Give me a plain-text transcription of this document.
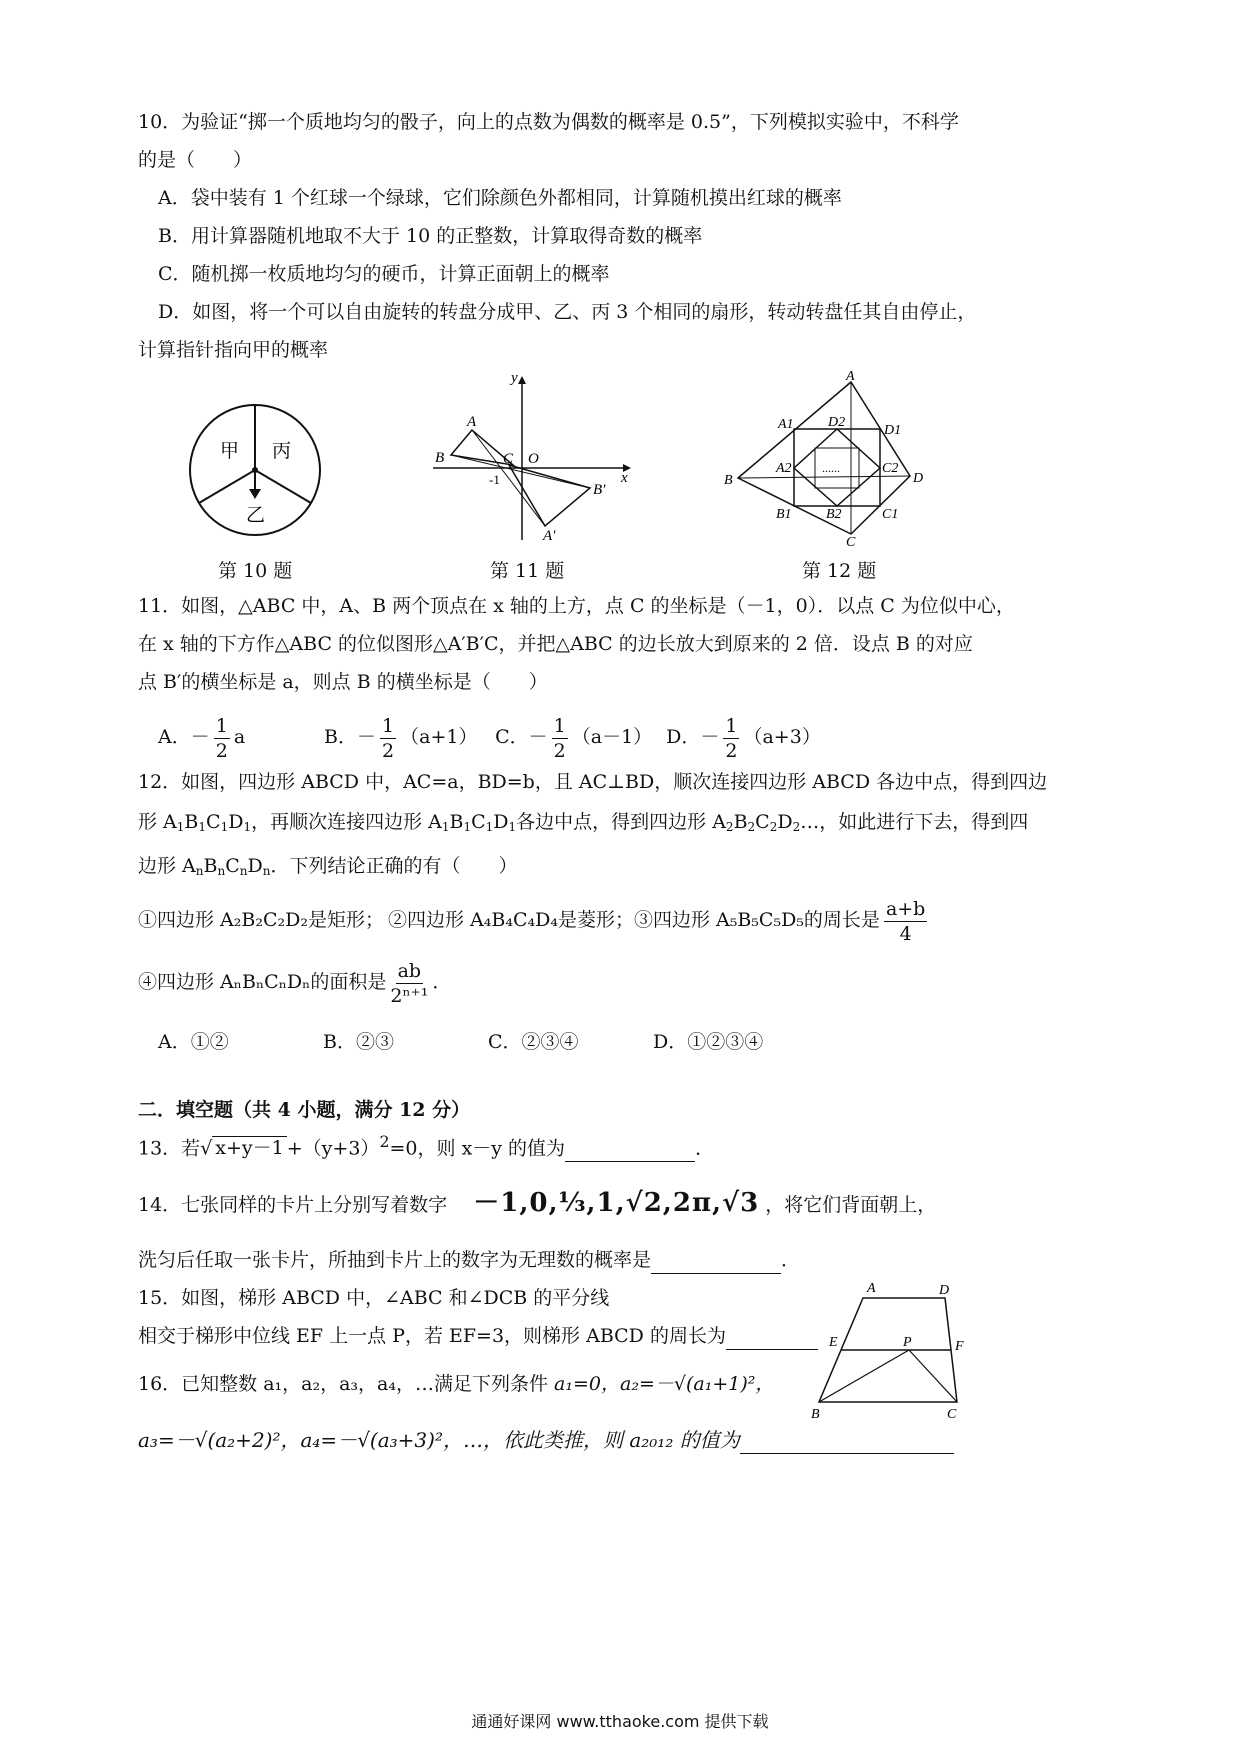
10．为验证“掷一个质地均匀的骰子，向上的点数为偶数的概率是 0.5”，下列模拟实验中，不科学
的是（　　）
A．袋中装有 1 个红球一个绿球，它们除颜色外都相同，计算随机摸出红球的概率
B．用计算器随机地取不大于 10 的正整数，计算取得奇数的概率
C．随机掷一枚质地均匀的硬币，计算正面朝上的概率
D．如图，将一个可以自由旋转的转盘分成甲、乙、丙 3 个相同的扇形，转动转盘任其自由停止，
计算指针指向甲的概率
甲 丙
乙
第 10 题
y
x
A
B	C O
-1
B′
A′
第 11 题
......
A
A1 D2
D1
B
A2	C2
D
B1 B2	C1
C
第 12 题
11．如图，△ABC 中，A、B 两个顶点在 x 轴的上方，点 C 的坐标是（－1，0）．以点 C 为位似中心，
在 x 轴的下方作△ABC 的位似图形△A′B′C，并把△ABC 的边长放大到原来的 2 倍．设点 B 的对应
点 B′的横坐标是 a，则点 B 的横坐标是（　　）
A．－ $\frac{1}{2}$ a	B．－ $\frac{1}{2} (a+1)$ C．－ $\frac{1}{2} (a-1)$ D．－ $\frac{1}{2} (a+3)$
12．如图，四边形 ABCD 中，AC=a，BD=b，且 AC⊥BD，顺次连接四边形 ABCD 各边中点，得到四边
形 $A_1B_1C_1D_1$，再顺次连接四边形 $A_1B_1C_1D_1$各边中点，得到四边形 $A_2B_2C_2D_2\dots$，如此进行下去，得到四
边形 $A_nB_nC_nD_n$．下列结论正确的有（　　）
①四边形 A₂B₂C₂D₂是矩形； ②四边形 A₄B₄C₄D₄是菱形；③四边形 A₅B₅C₅D₅的周长是 $\frac{a+b}{4}$
④四边形 AₙBₙCₙDₙ的面积是 $\frac{ab}{\text{2ⁿ⁺¹}}$ ．
A．①②	B．②③	C．②③④	D．①②③④
二．填空题（共 4 小题，满分 12 分）
13．若√ $x+y-1 +(y+3)^2=0$，则 x－y 的值为	．
14．七张同样的卡片上分别写着数字 －1,0,⅓,1,√2,2π,√3 ，将它们背面朝上，
洗匀后任取一张卡片，所抽到卡片上的数字为无理数的概率是	．
15．如图，梯形 ABCD 中，∠ABC 和∠DCB 的平分线
相交于梯形中位线 EF 上一点 P，若 EF=3，则梯形 ABCD 的周长为
A	D
E	P	F
B	C
16．已知整数 a₁，a₂，a₃，a₄，…满足下列条件 a₁=0，a₂=－√(a₁+1)²，
a₃=－√(a₂+2)²，a₄=－√(a₃+3)²，…，依此类推，则 a₂₀₁₂ 的值为
通通好课网 www.tthaoke.com 提供下载
